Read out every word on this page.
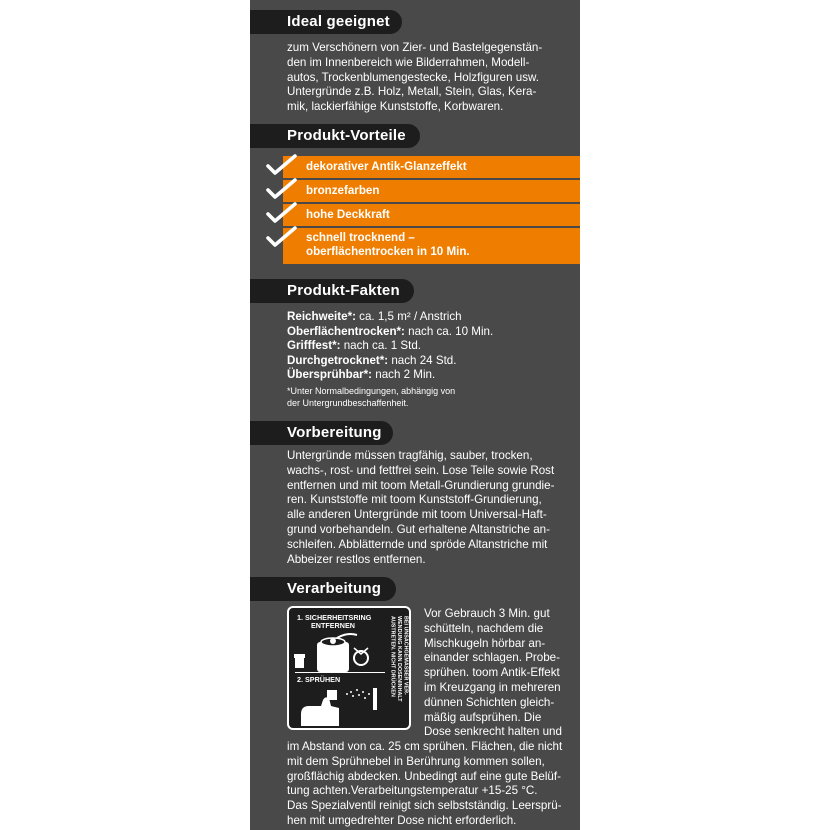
Ideal geeignet
zum Verschönern von Zier- und Bastelgegenstän-
den im Innenbereich wie Bilderrahmen, Modell-
autos, Trockenblumengestecke, Holzfiguren usw.
Untergründe z.B. Holz, Metall, Stein, Glas, Kera-
mik, lackierfähige Kunststoffe, Korbwaren.
Produkt-Vorteile
dekorativer Antik-Glanzeffekt
bronzefarben
hohe Deckkraft
schnell trocknend –
oberflächentrocken in 10 Min.
Produkt-Fakten
Reichweite*: ca. 1,5 m² / Anstrich
Oberflächentrocken*: nach ca. 10 Min.
Grifffest*: nach ca. 1 Std.
Durchgetrocknet*: nach 24 Std.
Übersprühbar*: nach 2 Min.
*Unter Normalbedingungen, abhängig von
der Untergrundbeschaffenheit.
Vorbereitung
Untergründe müssen tragfähig, sauber, trocken,
wachs-, rost- und fettfrei sein. Lose Teile sowie Rost
entfernen und mit toom Metall-Grundierung grundie-
ren. Kunststoffe mit toom Kunststoff-Grundierung,
alle anderen Untergründe mit toom Universal-Haft-
grund vorbehandeln. Gut erhaltene Altanstriche an-
schleifen. Abblätternde und spröde Altanstriche mit
Abbeizer restlos entfernen.
Verarbeitung
1. SICHERHEITSRING
ENTFERNEN
2. SPRÜHEN	BEI UNSACHGEMÄSSER VER-
WENDUNG KANN DOSENINHALT
AUSTRETEN. NICHT DRÜCKEN
Vor Gebrauch 3 Min. gut
schütteln, nachdem die
Mischkugeln hörbar an-
einander schlagen. Probe-
sprühen. toom Antik-Effekt
im Kreuzgang in mehreren
dünnen Schichten gleich-
mäßig aufsprühen. Die
Dose senkrecht halten und
im Abstand von ca. 25 cm sprühen. Flächen, die nicht
mit dem Sprühnebel in Berührung kommen sollen,
großflächig abdecken. Unbedingt auf eine gute Belüf-
tung achten.Verarbeitungstemperatur +15-25 °C.
Das Spezialventil reinigt sich selbstständig. Leersprü-
hen mit umgedrehter Dose nicht erforderlich.
